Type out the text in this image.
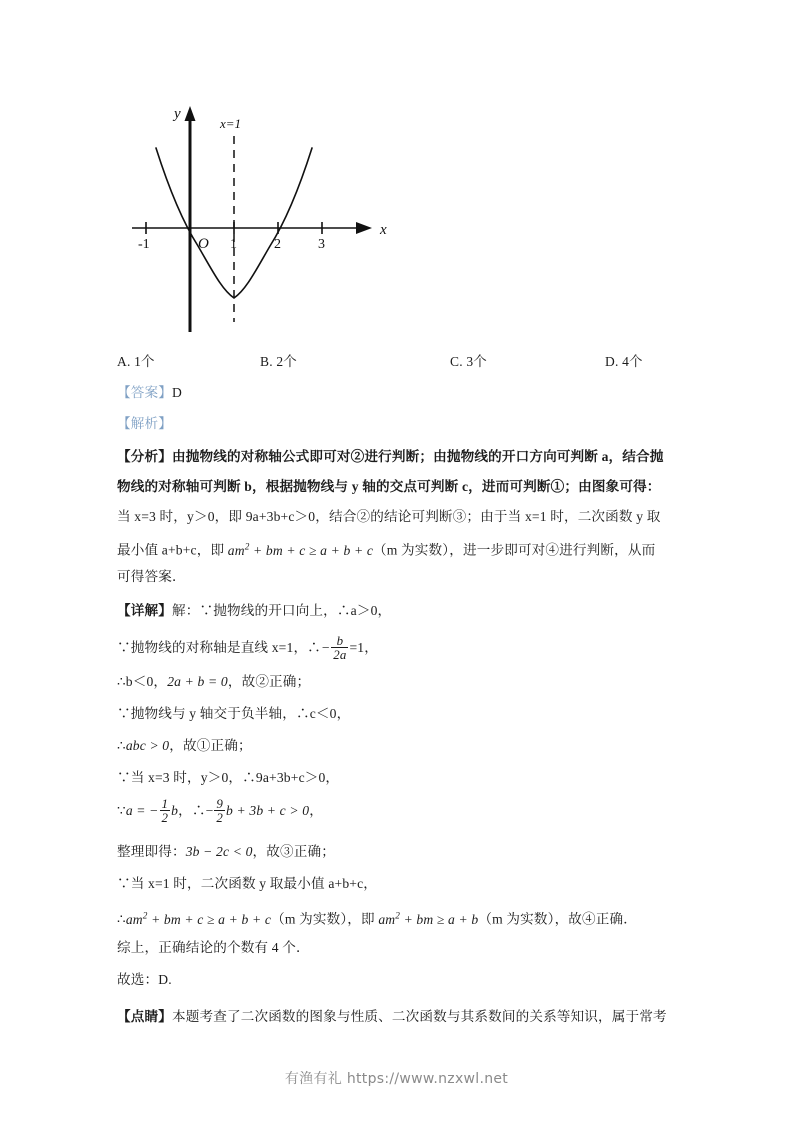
y
x
O
x=1
-1	1	2	3
A. 1个	B. 2个	C. 3个	D. 4个
【答案】D
【解析】
【分析】由抛物线的对称轴公式即可对②进行判断；由抛物线的开口方向可判断 a，结合抛
物线的对称轴可判断 b，根据抛物线与 y 轴的交点可判断 c，进而可判断①；由图象可得：
当 x=3 时，y＞0，即 9a+3b+c＞0，结合②的结论可判断③；由于当 x=1 时，二次函数 y 取
最小值 a+b+c，即 $am^2$ + bm + c ≥ a + b + c（m 为实数），进一步即可对④进行判断，从而
可得答案．
【详解】解：∵抛物线的开口向上，∴a＞0，
∵抛物线的对称轴是直线 x=1，∴− $\frac{b}{2a} =1$，
∴b＜0，2a + b = 0，故②正确；
∵抛物线与 y 轴交于负半轴，∴c＜0，
∴abc > 0，故①正确；
∵当 x=3 时，y＞0，∴9a+3b+c＞0，
∵a = − $\frac{1}{2}$ b，∴− $\frac{9}{2}$ b + 3b + c > 0，
整理即得：3b − 2c < 0，故③正确；
∵当 x=1 时，二次函数 y 取最小值 a+b+c，
$\therefore am^2$ + bm + c ≥ a + b + c（m 为实数），即 $am^2$ + bm ≥ a + b（m 为实数），故④正确．
综上，正确结论的个数有 4 个．
故选：D.
【点睛】本题考查了二次函数的图象与性质、二次函数与其系数间的关系等知识，属于常考
有渔有礼 https://www.nzxwl.net
